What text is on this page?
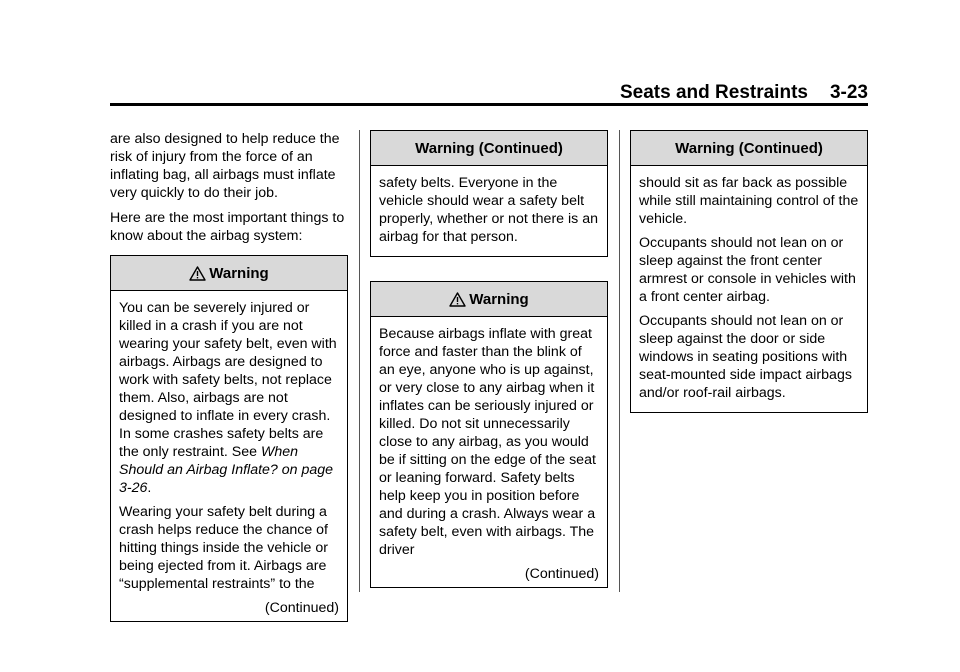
Seats and Restraints 3-23

are also designed to help reduce the risk of injury from the force of an inflating bag, all airbags must inflate very quickly to do their job.

Here are the most important things to know about the airbag system:

Warning

You can be severely injured or killed in a crash if you are not wearing your safety belt, even with airbags. Airbags are designed to work with safety belts, not replace them. Also, airbags are not designed to inflate in every crash. In some crashes safety belts are the only restraint. See When Should an Airbag Inflate? on page 3-26.

Wearing your safety belt during a crash helps reduce the chance of hitting things inside the vehicle or being ejected from it. Airbags are “supplemental restraints” to the

(Continued)
Warning (Continued)

safety belts. Everyone in the vehicle should wear a safety belt properly, whether or not there is an airbag for that person.

Warning

Because airbags inflate with great force and faster than the blink of an eye, anyone who is up against, or very close to any airbag when it inflates can be seriously injured or killed. Do not sit unnecessarily close to any airbag, as you would be if sitting on the edge of the seat or leaning forward. Safety belts help keep you in position before and during a crash. Always wear a safety belt, even with airbags. The driver

(Continued)
Warning (Continued)

should sit as far back as possible while still maintaining control of the vehicle.

Occupants should not lean on or sleep against the front center armrest or console in vehicles with a front center airbag.

Occupants should not lean on or sleep against the door or side windows in seating positions with seat-mounted side impact airbags and/or roof-rail airbags.
